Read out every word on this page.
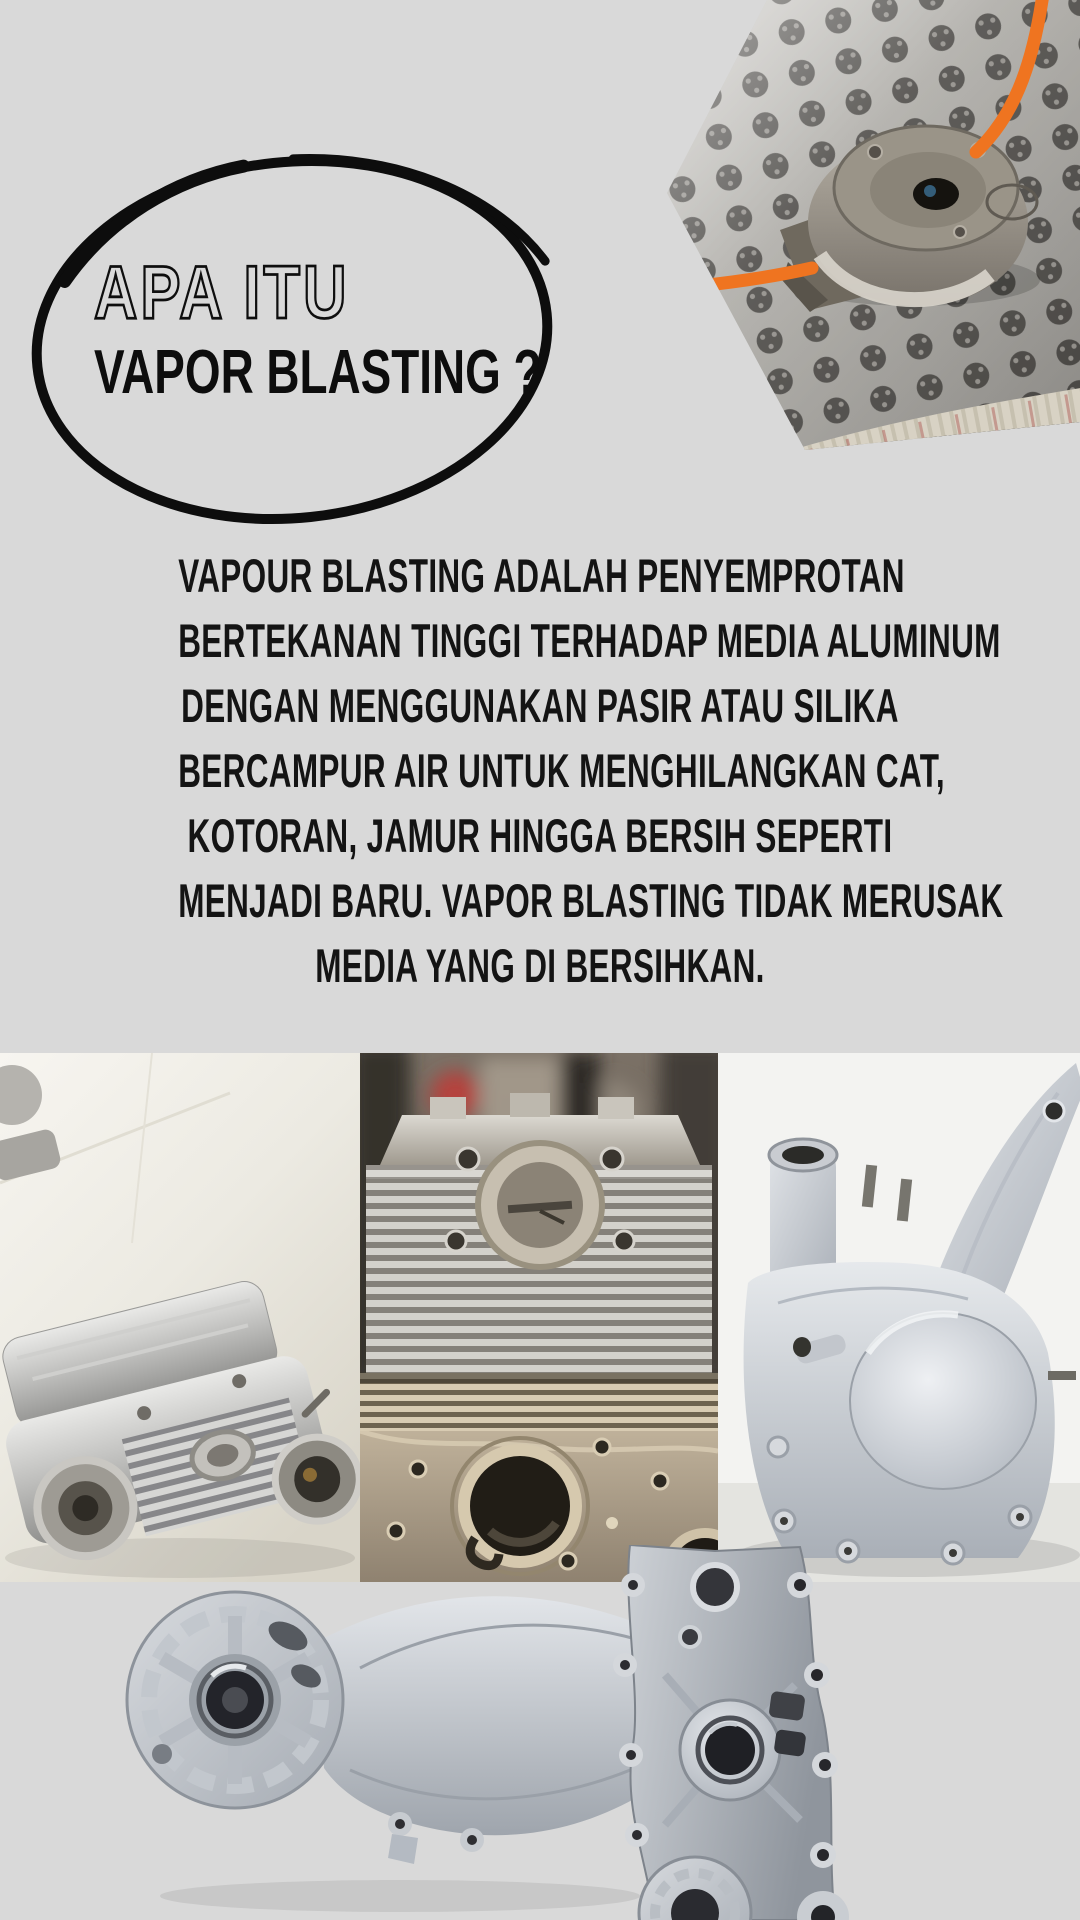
APA ITU
VAPOR BLASTING ?
VAPOUR BLASTING ADALAH PENYEMPROTAN
BERTEKANAN TINGGI TERHADAP MEDIA ALUMINUM
DENGAN MENGGUNAKAN PASIR ATAU SILIKA
BERCAMPUR AIR UNTUK MENGHILANGKAN CAT,
KOTORAN, JAMUR HINGGA BERSIH SEPERTI
MENJADI BARU. VAPOR BLASTING TIDAK MERUSAK
MEDIA YANG DI BERSIHKAN.
